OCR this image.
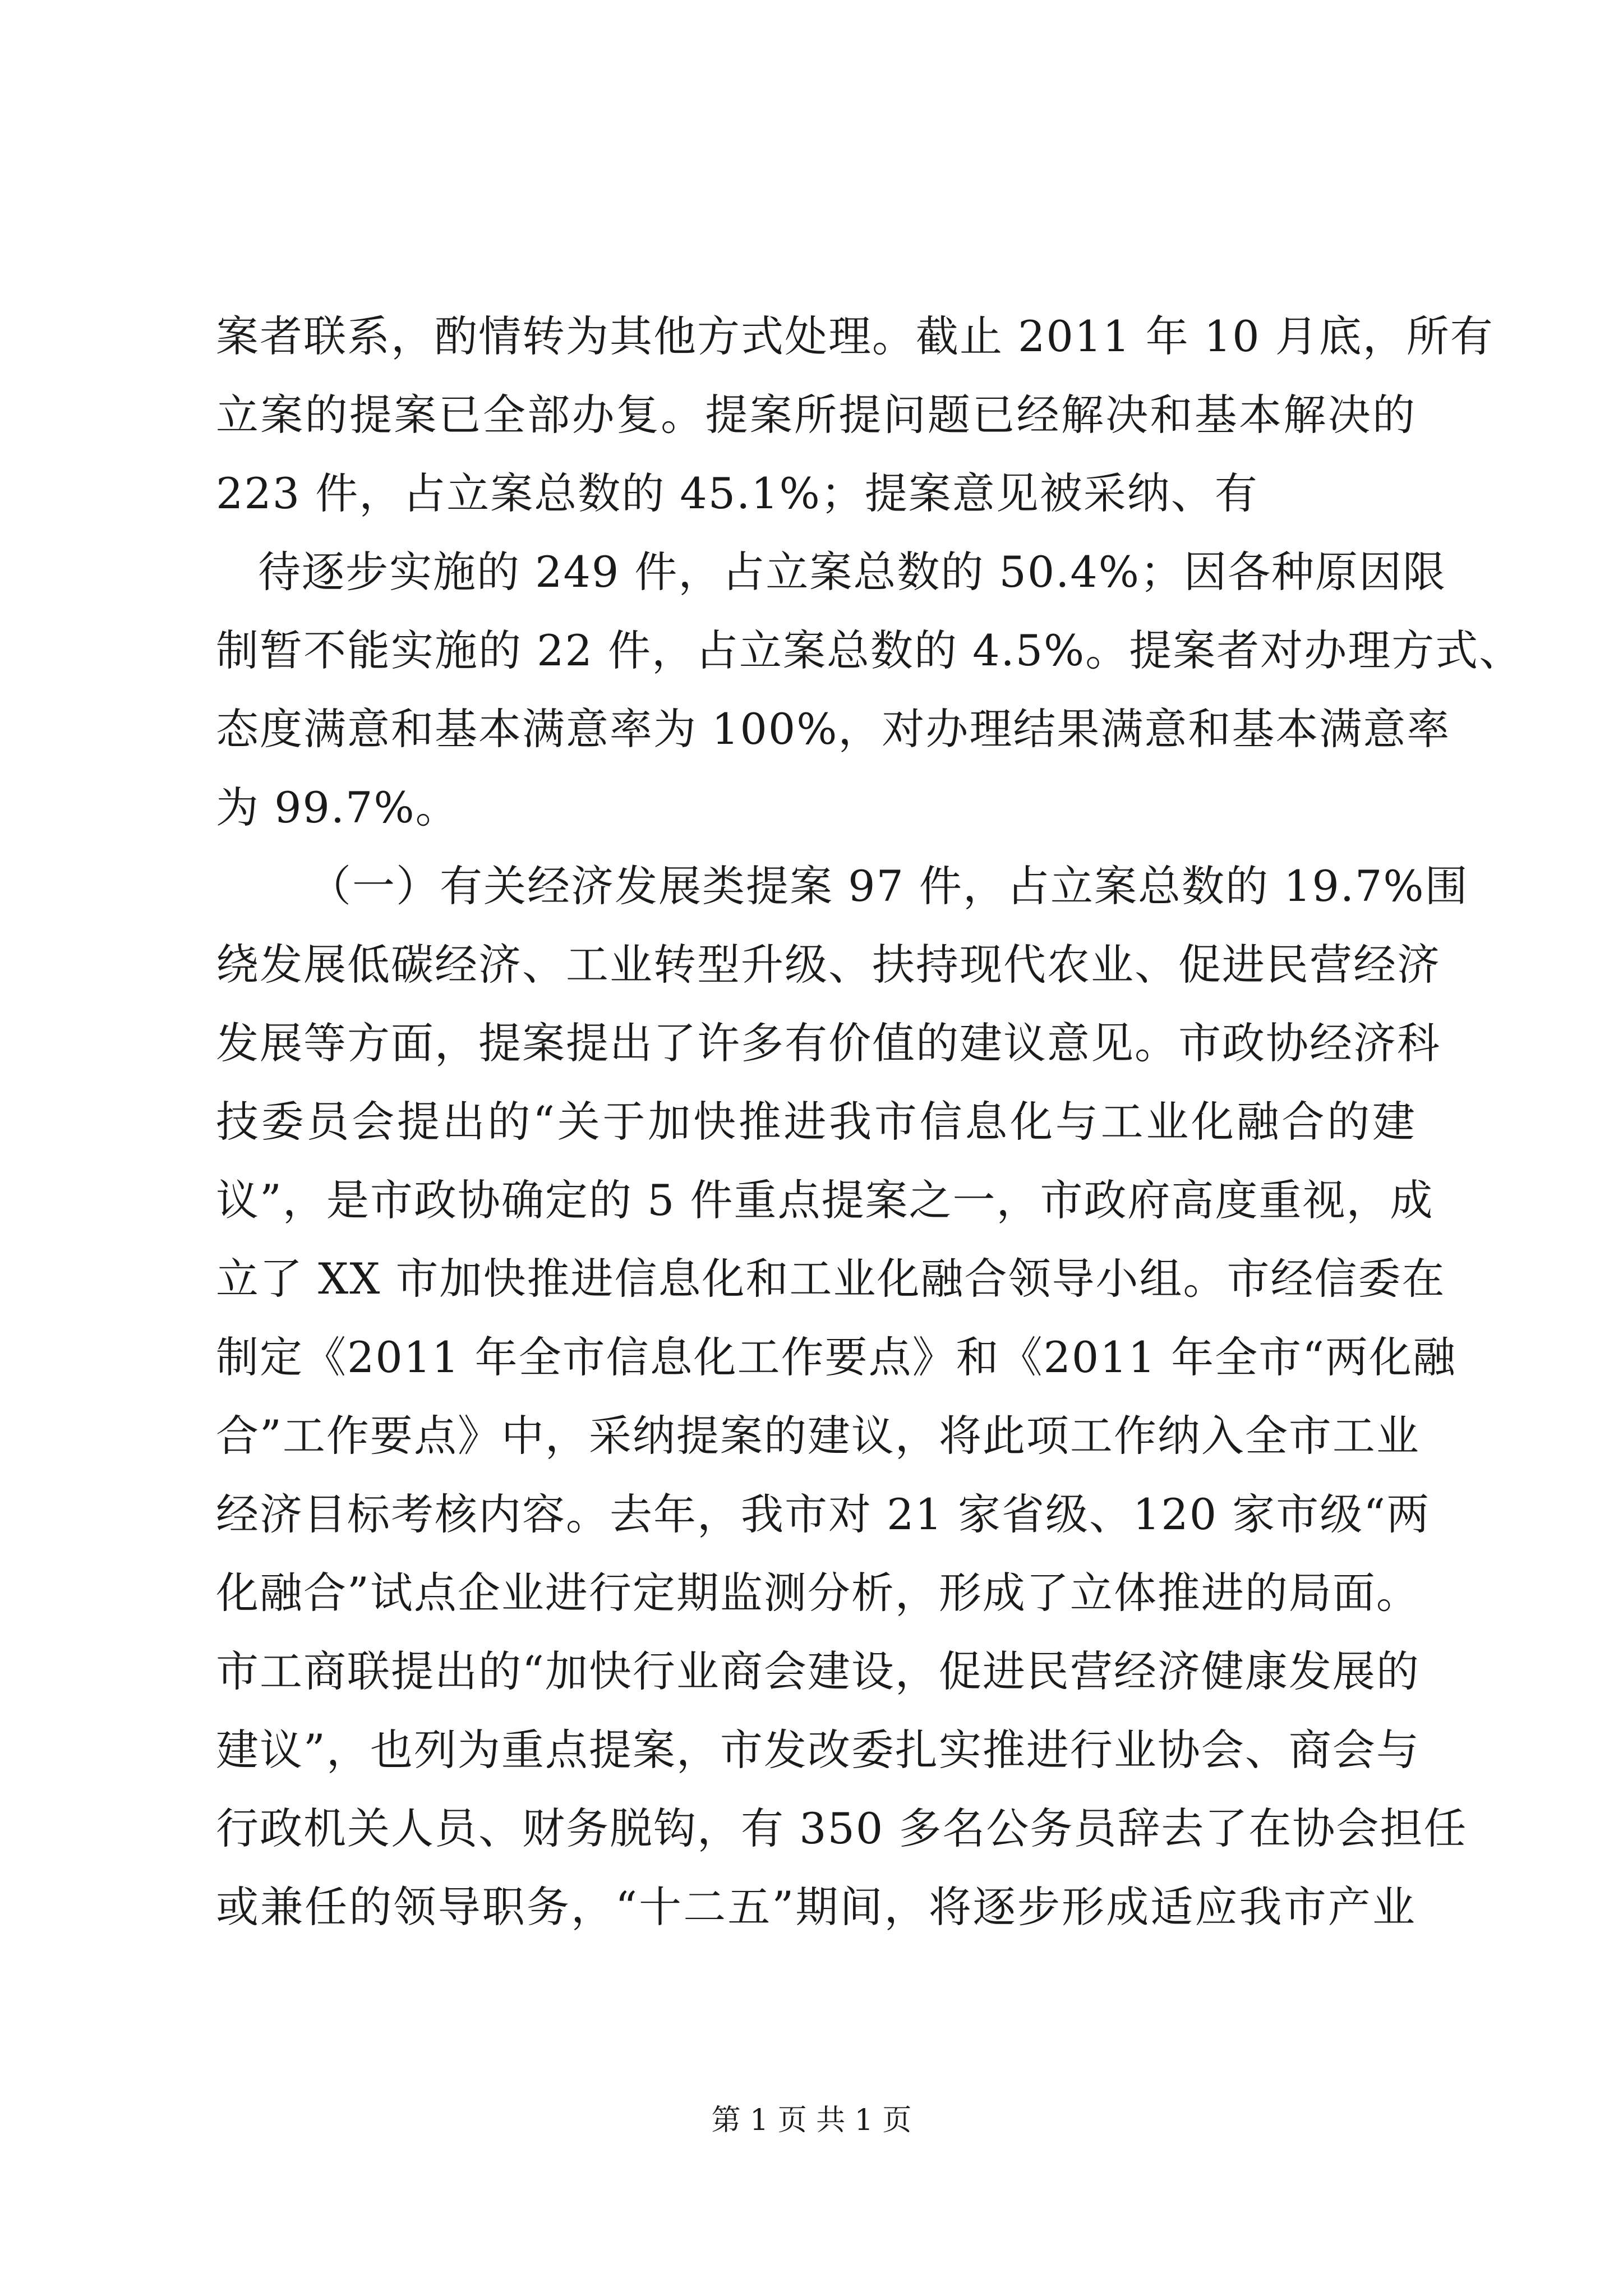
案者联系，酌情转为其他方式处理。截止 2011 年 10 月底，所有
立案的提案已全部办复。提案所提问题已经解决和基本解决的
223 件，占立案总数的 45.1%；提案意见被采纳、有
待逐步实施的 249 件，占立案总数的 50.4%；因各种原因限
制暂不能实施的 22 件，占立案总数的 4.5%。提案者对办理方式、
态度满意和基本满意率为 100%，对办理结果满意和基本满意率
为 99.7%。
（一）有关经济发展类提案 97 件，占立案总数的 19.7%围
绕发展低碳经济、工业转型升级、扶持现代农业、促进民营经济
发展等方面，提案提出了许多有价值的建议意见。市政协经济科
技委员会提出的“关于加快推进我市信息化与工业化融合的建
议”，是市政协确定的 5 件重点提案之一，市政府高度重视，成
立了 XX 市加快推进信息化和工业化融合领导小组。市经信委在
制定《2011 年全市信息化工作要点》和《2011 年全市“两化融
合”工作要点》中，采纳提案的建议，将此项工作纳入全市工业
经济目标考核内容。去年，我市对 21 家省级、120 家市级“两
化融合”试点企业进行定期监测分析，形成了立体推进的局面。
市工商联提出的“加快行业商会建设，促进民营经济健康发展的
建议”，也列为重点提案，市发改委扎实推进行业协会、商会与
行政机关人员、财务脱钩，有 350 多名公务员辞去了在协会担任
或兼任的领导职务，“十二五”期间，将逐步形成适应我市产业
第 1 页 共 1 页
